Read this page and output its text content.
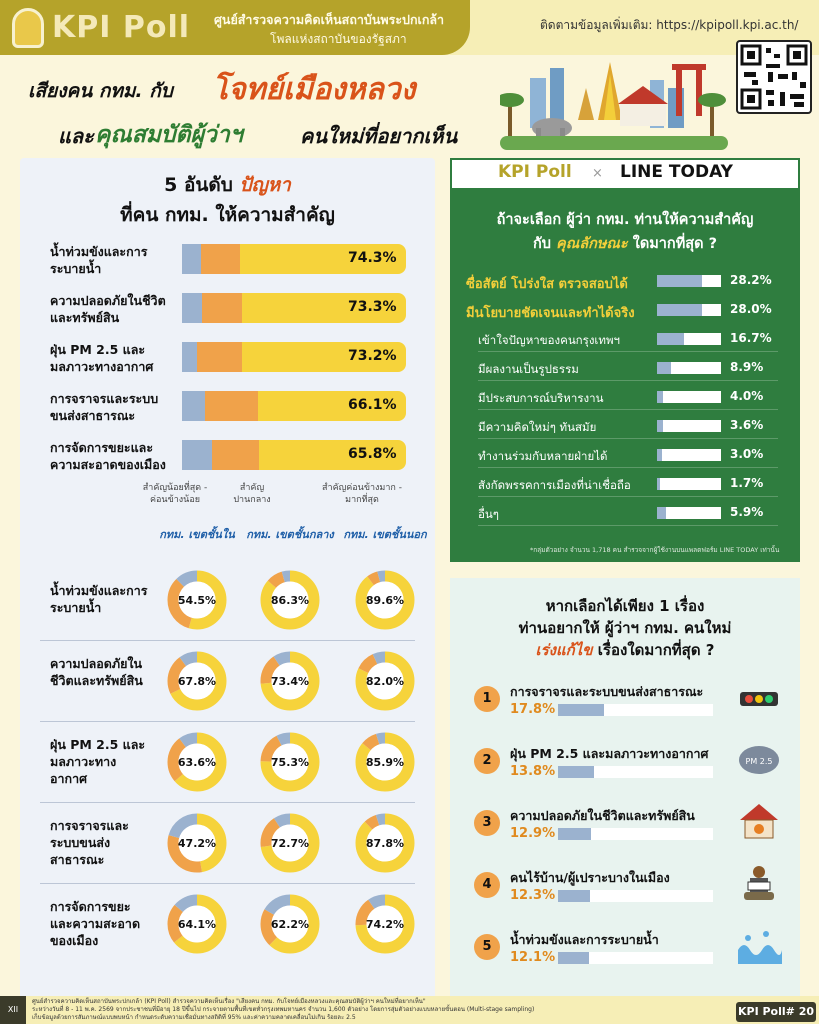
KPI Poll ศูนย์สำรวจความคิดเห็นสถาบันพระปกเกล้า
โพลแห่งสถาบันของรัฐสภา
ติดตามข้อมูลเพิ่มเติม: https://kpipoll.kpi.ac.th/
เสียงคน กทม. กับ โจทย์เมืองหลวง
และ คุณสมบัติผู้ว่าฯ	คนใหม่ที่อยากเห็น
5 อันดับ ปัญหา
ที่คน กทม. ให้ความสำคัญ
น้ำท่วมขังและการระบายน้ำ
74.3%
ความปลอดภัยในชีวิตและทรัพย์สิน
73.3%
ฝุ่น PM 2.5 และมลภาวะทางอากาศ
73.2%
การจราจรและระบบขนส่งสาธารณะ
66.1%
การจัดการขยะและความสะอาดของเมือง
65.8%
สำคัญน้อยที่สุด - ค่อนข้างน้อย
สำคัญ ปานกลาง
สำคัญค่อนข้างมาก - มากที่สุด
กทม. เขตชั้นใน	กทม. เขตชั้นกลาง กทม. เขตชั้นนอก
น้ำท่วมขังและการระบายน้ำ	54.5%	86.3%	89.6%
ความปลอดภัยในชีวิตและทรัพย์สิน	67.8%	73.4%	82.0%
ฝุ่น PM 2.5 และมลภาวะทางอากาศ
63.6%	75.3%	85.9%
การจราจรและระบบขนส่งสาธารณะ
47.2%	72.7%	87.8%
การจัดการขยะและความสะอาดของเมือง
64.1%	62.2%	74.2%
KPI Poll × LINE TODAY
ถ้าจะเลือก ผู้ว่า กทม. ท่านให้ความสำคัญ
กับ คุณลักษณะ ใดมากที่สุด ?
ซื่อสัตย์ โปร่งใส ตรวจสอบได้	28.2%
มีนโยบายชัดเจนและทำได้จริง	28.0%
เข้าใจปัญหาของคนกรุงเทพฯ	16.7%
มีผลงานเป็นรูปธรรม	8.9%
มีประสบการณ์บริหารงาน	4.0%
มีความคิดใหม่ๆ ทันสมัย	3.6%
ทำงานร่วมกับหลายฝ่ายได้	3.0%
สังกัดพรรคการเมืองที่น่าเชื่อถือ	1.7%
อื่นๆ	5.9%
*กลุ่มตัวอย่าง จำนวน 1,718 คน สำรวจจากผู้ใช้งานบนแพลตฟอร์ม LINE TODAY เท่านั้น
หากเลือกได้เพียง 1 เรื่อง
ท่านอยากให้ ผู้ว่าฯ กทม. คนใหม่
เร่งแก้ไข เรื่องใดมากที่สุด ?
1	การจราจรและระบบขนส่งสาธารณะ
17.8%
2	ฝุ่น PM 2.5 และมลภาวะทางอากาศ
13.8%
PM 2.5
3	ความปลอดภัยในชีวิตและทรัพย์สิน
12.9%
4	คนไร้บ้าน/ผู้เปราะบางในเมือง
12.3%
5	น้ำท่วมขังและการระบายน้ำ
12.1%
XII
ศูนย์สำรวจความคิดเห็นสถาบันพระปกเกล้า (KPI Poll) สำรวจความคิดเห็นเรื่อง "เสียงคน กทม. กับโจทย์เมืองหลวงและคุณสมบัติผู้ว่าฯ คนใหม่ที่อยากเห็น"
ระหว่างวันที่ 8 - 11 พ.ค. 2569 จากประชาชนที่มีอายุ 18 ปีขึ้นไป กระจายตามพื้นที่เขตทั่วกรุงเทพมหานคร จำนวน 1,600 ตัวอย่าง โดยการสุ่มตัวอย่างแบบหลายขั้นตอน (Multi-stage sampling)
เก็บข้อมูลด้วยการสัมภาษณ์แบบพบหน้า กำหนดระดับความเชื่อมั่นทางสถิติที่ 95% และค่าความคลาดเคลื่อนไม่เกิน ร้อยละ 2.5	KPI Poll# 20
